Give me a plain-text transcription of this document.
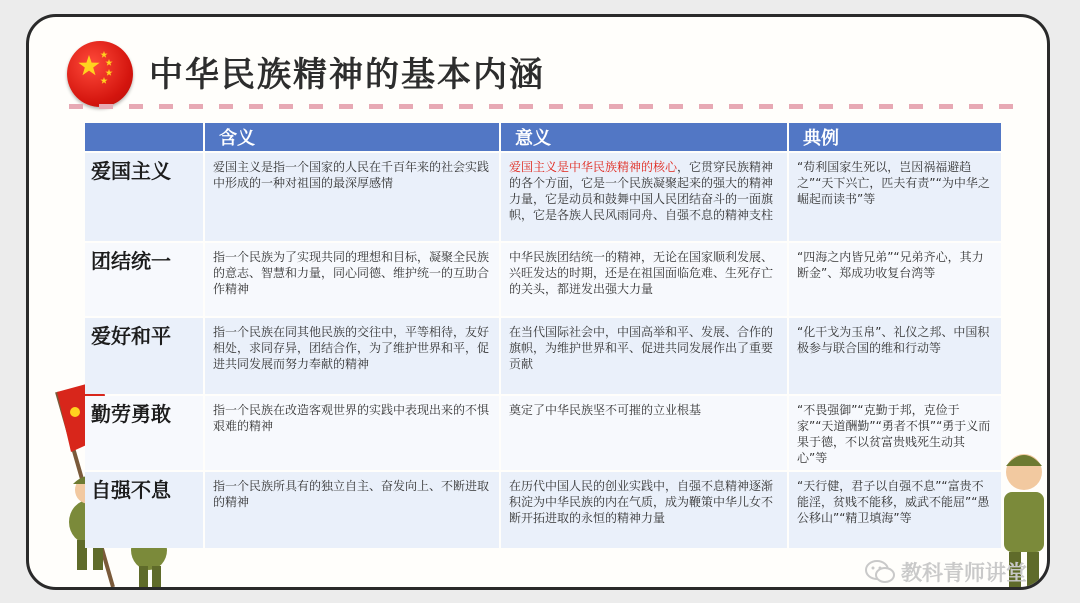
中华民族精神的基本内涵
	含义	意义	典例
爱国主义	爱国主义是指一个国家的人民在千百年来的社会实践中形成的一种对祖国的最深厚感情	爱国主义是中华民族精神的核心，它贯穿民族精神的各个方面，它是一个民族凝聚起来的强大的精神力量，它是动员和鼓舞中国人民团结奋斗的一面旗帜，它是各族人民风雨同舟、自强不息的精神支柱	“苟利国家生死以，岂因祸福避趋之”“天下兴亡，匹夫有责”“为中华之崛起而读书”等
团结统一	指一个民族为了实现共同的理想和目标，凝聚全民族的意志、智慧和力量，同心同德、维护统一的互助合作精神	中华民族团结统一的精神，无论在国家顺利发展、兴旺发达的时期，还是在祖国面临危难、生死存亡的关头，都迸发出强大力量	“四海之内皆兄弟”“兄弟齐心，其力断金”、郑成功收复台湾等
爱好和平	指一个民族在同其他民族的交往中，平等相待，友好相处，求同存异，团结合作，为了维护世界和平，促进共同发展而努力奉献的精神	在当代国际社会中，中国高举和平、发展、合作的旗帜，为维护世界和平、促进共同发展作出了重要贡献	“化干戈为玉帛”、礼仪之邦、中国积极参与联合国的维和行动等
勤劳勇敢	指一个民族在改造客观世界的实践中表现出来的不惧艰难的精神	奠定了中华民族坚不可摧的立业根基	“不畏强御”“克勤于邦，克俭于家”“天道酬勤”“勇者不惧”“勇于义而果于德，不以贫富贵贱死生动其心”等
自强不息	指一个民族所具有的独立自主、奋发向上、不断进取的精神	在历代中国人民的创业实践中，自强不息精神逐渐积淀为中华民族的内在气质，成为鞭策中华儿女不断开拓进取的永恒的精神力量	“天行健，君子以自强不息”“富贵不能淫，贫贱不能移，威武不能屈”“愚公移山”“精卫填海”等
教科青师讲堂
